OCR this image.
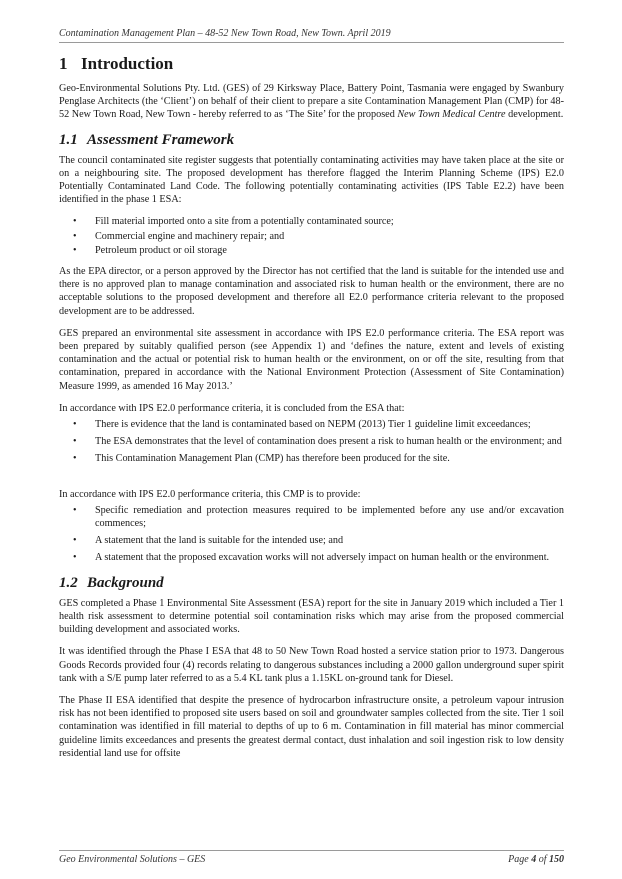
Contamination Management Plan – 48-52 New Town Road, New Town. April 2019
1 Introduction

Geo-Environmental Solutions Pty. Ltd. (GES) of 29 Kirksway Place, Battery Point, Tasmania were engaged by Swanbury Penglase Architects (the ‘Client’) on behalf of their client to prepare a site Contamination Management Plan (CMP) for 48-52 New Town Road, New Town - hereby referred to as ‘The Site’ for the proposed New Town Medical Centre development.

1.1 Assessment Framework

The council contaminated site register suggests that potentially contaminating activities may have taken place at the site or on a neighbouring site. The proposed development has therefore flagged the Interim Planning Scheme (IPS) E2.0 Potentially Contaminated Land Code. The following potentially contaminating activities (IPS Table E2.2) have been identified in the phase 1 ESA:

• Fill material imported onto a site from a potentially contaminated source;
• Commercial engine and machinery repair; and
• Petroleum product or oil storage

As the EPA director, or a person approved by the Director has not certified that the land is suitable for the intended use and there is no approved plan to manage contamination and associated risk to human health or the environment, there are no acceptable solutions to the proposed development and therefore all E2.0 performance criteria relevant to the proposed development are to be addressed.

GES prepared an environmental site assessment in accordance with IPS E2.0 performance criteria. The ESA report was been prepared by suitably qualified person (see Appendix 1) and ‘defines the nature, extent and levels of existing contamination and the actual or potential risk to human health or the environment, on or off the site, resulting from that contamination, prepared in accordance with the National Environment Protection (Assessment of Site Contamination) Measure 1999, as amended 16 May 2013.’

In accordance with IPS E2.0 performance criteria, it is concluded from the ESA that:

• There is evidence that the land is contaminated based on NEPM (2013) Tier 1 guideline limit exceedances;
• The ESA demonstrates that the level of contamination does present a risk to human health or the environment; and
• This Contamination Management Plan (CMP) has therefore been produced for the site.

In accordance with IPS E2.0 performance criteria, this CMP is to provide:

• Specific remediation and protection measures required to be implemented before any use and/or excavation commences;
• A statement that the land is suitable for the intended use; and
• A statement that the proposed excavation works will not adversely impact on human health or the environment.
1.2 Background

GES completed a Phase 1 Environmental Site Assessment (ESA) report for the site in January 2019 which included a Tier 1 health risk assessment to determine potential soil contamination risks which may arise from the proposed commercial building development and associated works.

It was identified through the Phase I ESA that 48 to 50 New Town Road hosted a service station prior to 1973. Dangerous Goods Records provided four (4) records relating to dangerous substances including a 2000 gallon underground super spirit tank with a S/E pump later referred to as a 5.4 KL tank plus a 1.15KL on-ground tank for Diesel.

The Phase II ESA identified that despite the presence of hydrocarbon infrastructure onsite, a petroleum vapour intrusion risk has not been identified to proposed site users based on soil and groundwater samples collected from the site. Tier 1 soil contamination was identified in fill material to depths of up to 6 m. Contamination in fill material has minor commercial guideline limits exceedances and presents the greatest dermal contact, dust inhalation and soil ingestion risk to low density residential land use for offsite

Geo Environmental Solutions – GES	Page 4 of 150
